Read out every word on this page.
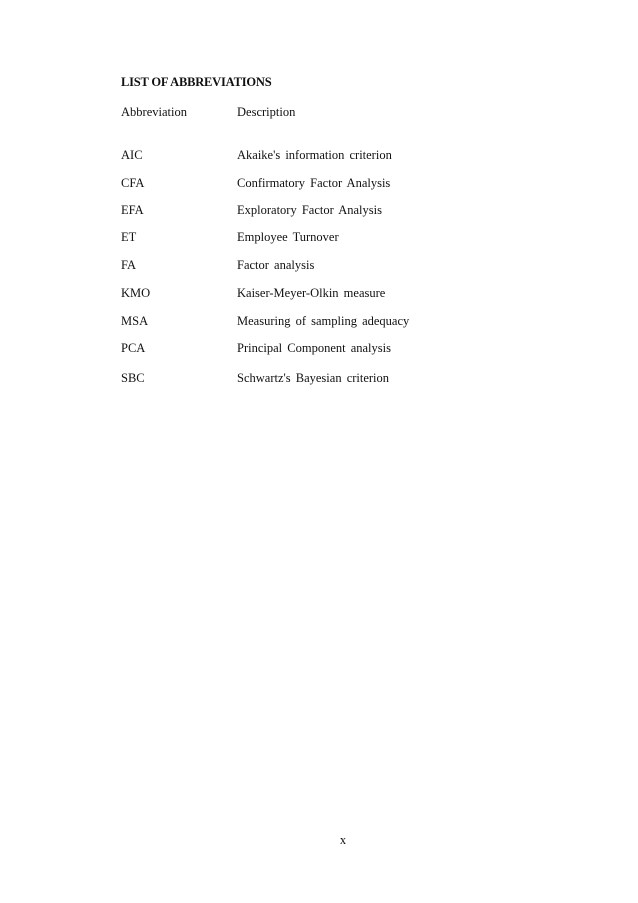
LIST OF ABBREVIATIONS
Abbreviation	Description
AIC	Akaike's information criterion
CFA	Confirmatory Factor Analysis
EFA	Exploratory Factor Analysis
ET	Employee Turnover
FA	Factor analysis
KMO	Kaiser-Meyer-Olkin measure
MSA	Measuring of sampling adequacy
PCA	Principal Component analysis
SBC	Schwartz's Bayesian criterion
x
